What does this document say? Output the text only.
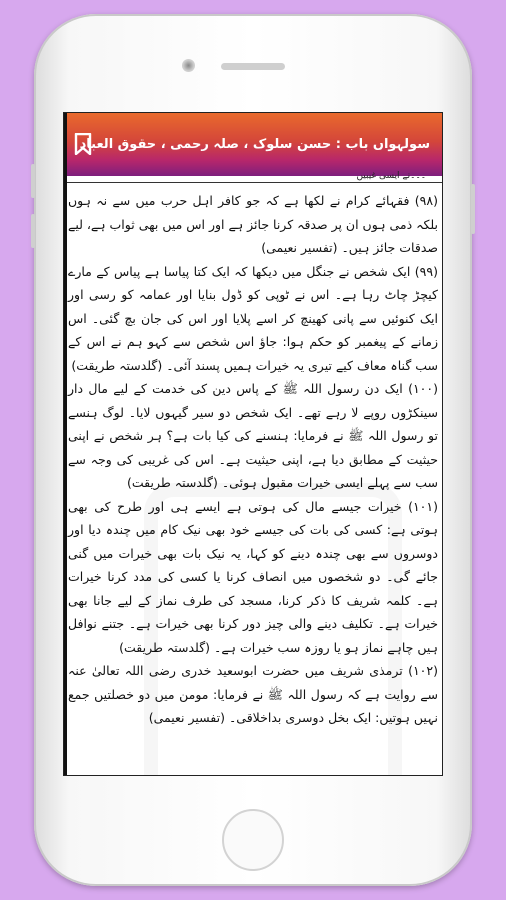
سولہواں باب : حسن سلوک ، صلہ رحمی ، حقوق العباد
۔۔۔نے ایسی غیبیں

(۹۸) فقہائے کرام نے لکھا ہے کہ جو کافر اہل حرب میں سے نہ ہوں بلکہ ذمی ہوں ان پر صدقہ کرنا جائز ہے اور اس میں بھی ثواب ہے، لیے صدقات جائز ہیں۔ (تفسیر نعیمی)

(۹۹) ایک شخص نے جنگل میں دیکھا کہ ایک کتا پیاسا ہے پیاس کے مارے کیچڑ چاٹ رہا ہے۔ اس نے ٹوپی کو ڈول بنایا اور عمامہ کو رسی اور ایک کنوئیں سے پانی کھینچ کر اسے پلایا اور اس کی جان بچ گئی۔ اس زمانے کے پیغمبر کو حکم ہوا: جاؤ اس شخص سے کہو ہم نے اس کے سب گناہ معاف کیے تیری یہ خیرات ہمیں پسند آئی۔ (گلدستہ طریقت)

(۱۰۰) ایک دن رسول اللہ ﷺ کے پاس دین کی خدمت کے لیے مال دار سینکڑوں روپے لا رہے تھے۔ ایک شخص دو سیر گیہوں لایا۔ لوگ ہنسے تو رسول اللہ ﷺ نے فرمایا: ہنسنے کی کیا بات ہے؟ ہر شخص نے اپنی حیثیت کے مطابق دیا ہے، اپنی حیثیت ہے۔ اس کی غریبی کی وجہ سے سب سے پہلے ایسی خیرات مقبول ہوئی۔ (گلدستہ طریقت)

(۱۰۱) خیرات جیسے مال کی ہوتی ہے ایسے ہی اور طرح کی بھی ہوتی ہے: کسی کی بات کی جیسے خود بھی نیک کام میں چندہ دیا اور دوسروں سے بھی چندہ دینے کو کہا، یہ نیک بات بھی خیرات میں گنی جائے گی۔ دو شخصوں میں انصاف کرنا یا کسی کی مدد کرنا خیرات ہے۔ کلمہ شریف کا ذکر کرنا، مسجد کی طرف نماز کے لیے جانا بھی خیرات ہے۔ تکلیف دینے والی چیز دور کرنا بھی خیرات ہے۔ جتنے نوافل ہیں چاہے نماز ہو یا روزہ سب خیرات ہے۔ (گلدستہ طریقت)

(۱۰۲) ترمذی شریف میں حضرت ابوسعید خدری رضی اللہ تعالیٰ عنہ سے روایت ہے کہ رسول اللہ ﷺ نے فرمایا: مومن میں دو خصلتیں جمع نہیں ہوتیں: ایک بخل دوسری بداخلاقی۔ (تفسیر نعیمی)
